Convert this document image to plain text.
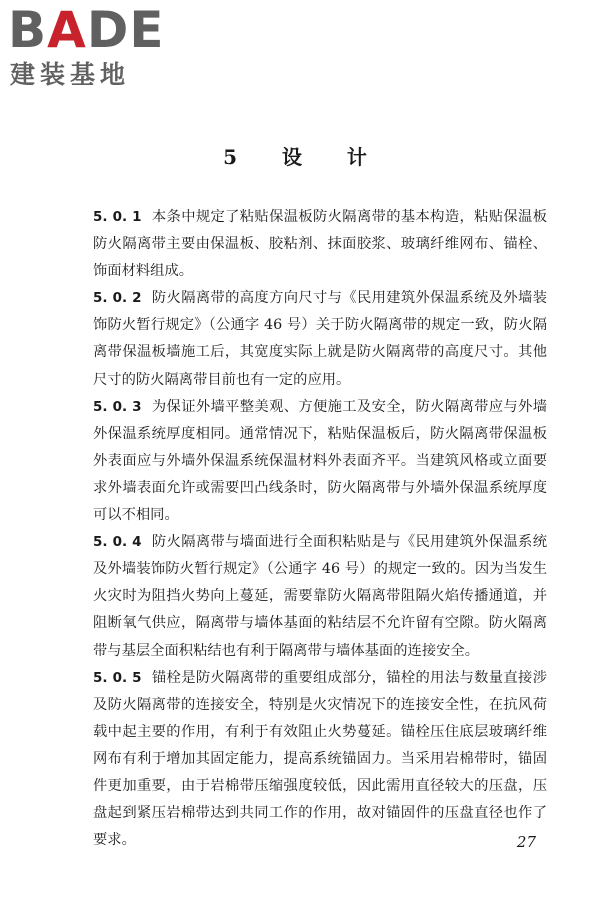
BADE
建装基地
5 设 计

5. 0. 1 本条中规定了粘贴保温板防火隔离带的基本构造，粘贴保温板防火隔离带主要由保温板、胶粘剂、抹面胶浆、玻璃纤维网布、锚栓、饰面材料组成。

5. 0. 2 防火隔离带的高度方向尺寸与《民用建筑外保温系统及外墙装饰防火暂行规定》（公通字 46 号）关于防火隔离带的规定一致，防火隔离带保温板墙施工后，其宽度实际上就是防火隔离带的高度尺寸。其他尺寸的防火隔离带目前也有一定的应用。

5. 0. 3 为保证外墙平整美观、方便施工及安全，防火隔离带应与外墙外保温系统厚度相同。通常情况下，粘贴保温板后，防火隔离带保温板外表面应与外墙外保温系统保温材料外表面齐平。当建筑风格或立面要求外墙表面允许或需要凹凸线条时，防火隔离带与外墙外保温系统厚度可以不相同。

5. 0. 4 防火隔离带与墙面进行全面积粘贴是与《民用建筑外保温系统及外墙装饰防火暂行规定》（公通字 46 号）的规定一致的。因为当发生火灾时为阻挡火势向上蔓延，需要靠防火隔离带阻隔火焰传播通道，并阻断氧气供应，隔离带与墙体基面的粘结层不允许留有空隙。防火隔离带与基层全面积粘结也有利于隔离带与墙体基面的连接安全。

5. 0. 5 锚栓是防火隔离带的重要组成部分，锚栓的用法与数量直接涉及防火隔离带的连接安全，特别是火灾情况下的连接安全性，在抗风荷载中起主要的作用，有利于有效阻止火势蔓延。锚栓压住底层玻璃纤维网布有利于增加其固定能力，提高系统锚固力。当采用岩棉带时，锚固件更加重要，由于岩棉带压缩强度较低，因此需用直径较大的压盘，压盘起到紧压岩棉带达到共同工作的作用，故对锚固件的压盘直径也作了要求。	27
